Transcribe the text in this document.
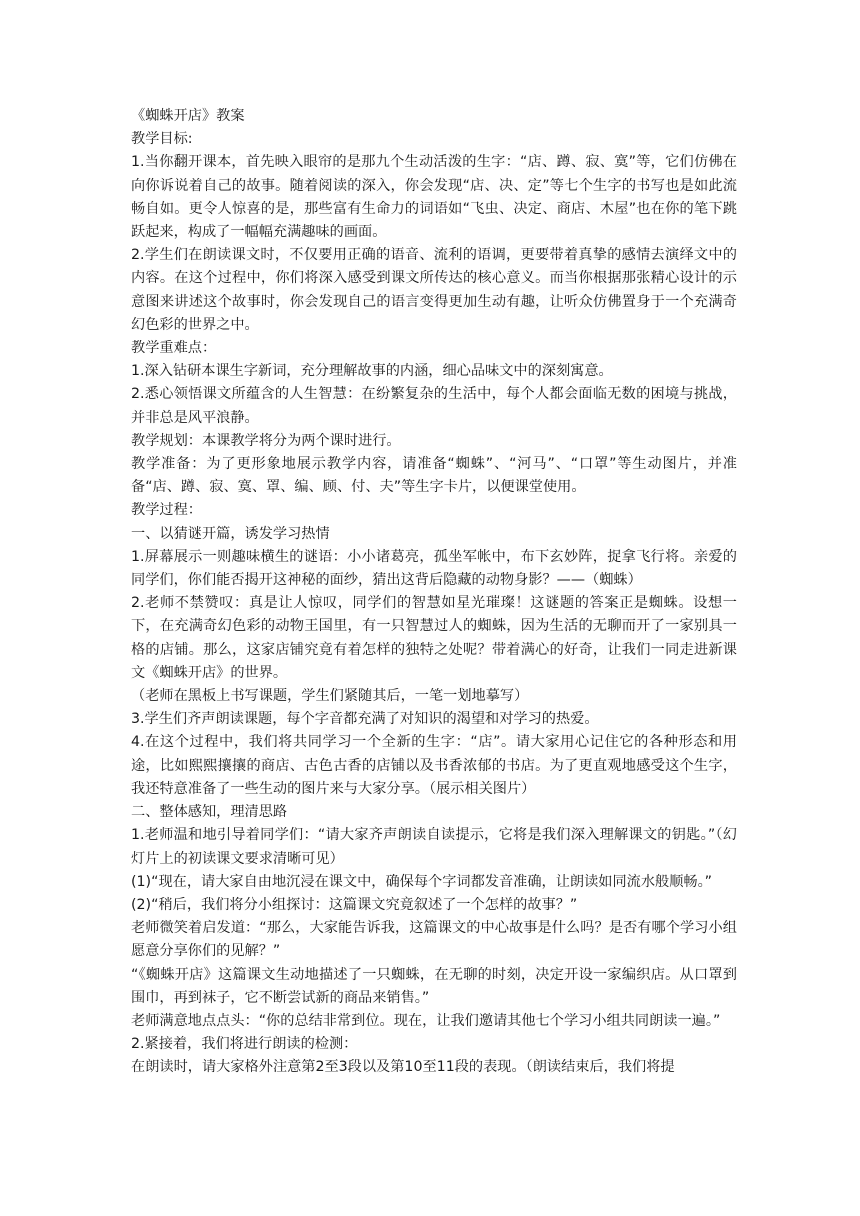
《蜘蛛开店》教案

教学目标:

1.当你翻开课本，首先映入眼帘的是那九个生动活泼的生字：“店、蹲、寂、寞”等，它们仿佛在向你诉说着自己的故事。随着阅读的深入，你会发现“店、决、定”等七个生字的书写也是如此流畅自如。更令人惊喜的是，那些富有生命力的词语如“飞虫、决定、商店、木屋”也在你的笔下跳跃起来，构成了一幅幅充满趣味的画面。

2.学生们在朗读课文时，不仅要用正确的语音、流利的语调，更要带着真挚的感情去演绎文中的内容。在这个过程中，你们将深入感受到课文所传达的核心意义。而当你根据那张精心设计的示意图来讲述这个故事时，你会发现自己的语言变得更加生动有趣，让听众仿佛置身于一个充满奇幻色彩的世界之中。

教学重难点：

1.深入钻研本课生字新词，充分理解故事的内涵，细心品味文中的深刻寓意。

2.悉心领悟课文所蕴含的人生智慧：在纷繁复杂的生活中，每个人都会面临无数的困境与挑战，并非总是风平浪静。

教学规划：本课教学将分为两个课时进行。

教学准备：为了更形象地展示教学内容，请准备“蜘蛛”、“河马”、“口罩”等生动图片，并准备“店、蹲、寂、寞、罩、编、顾、付、夫”等生字卡片，以便课堂使用。

教学过程：

一、以猜谜开篇，诱发学习热情

1.屏幕展示一则趣味横生的谜语：小小诸葛亮，孤坐军帐中，布下玄妙阵，捉拿飞行将。亲爱的同学们，你们能否揭开这神秘的面纱，猜出这背后隐藏的动物身影？——（蜘蛛）

2.老师不禁赞叹：真是让人惊叹，同学们的智慧如星光璀璨！这谜题的答案正是蜘蛛。设想一下，在充满奇幻色彩的动物王国里，有一只智慧过人的蜘蛛，因为生活的无聊而开了一家别具一格的店铺。那么，这家店铺究竟有着怎样的独特之处呢？带着满心的好奇，让我们一同走进新课文《蜘蛛开店》的世界。

（老师在黑板上书写课题，学生们紧随其后，一笔一划地摹写）

3.学生们齐声朗读课题，每个字音都充满了对知识的渴望和对学习的热爱。

4.在这个过程中，我们将共同学习一个全新的生字：“店”。请大家用心记住它的各种形态和用途，比如熙熙攘攘的商店、古色古香的店铺以及书香浓郁的书店。为了更直观地感受这个生字，我还特意准备了一些生动的图片来与大家分享。（展示相关图片）

二、整体感知，理清思路

1.老师温和地引导着同学们：“请大家齐声朗读自读提示，它将是我们深入理解课文的钥匙。”（幻灯片上的初读课文要求清晰可见）

(1)“现在，请大家自由地沉浸在课文中，确保每个字词都发音准确，让朗读如同流水般顺畅。”

(2)“稍后，我们将分小组探讨：这篇课文究竟叙述了一个怎样的故事？”

老师微笑着启发道：“那么，大家能告诉我，这篇课文的中心故事是什么吗？是否有哪个学习小组愿意分享你们的见解？”

“《蜘蛛开店》这篇课文生动地描述了一只蜘蛛，在无聊的时刻，决定开设一家编织店。从口罩到围巾，再到袜子，它不断尝试新的商品来销售。”

老师满意地点点头：“你的总结非常到位。现在，让我们邀请其他七个学习小组共同朗读一遍。”

2.紧接着，我们将进行朗读的检测：

在朗读时，请大家格外注意第2至3段以及第10至11段的表现。（朗读结束后，我们将提
